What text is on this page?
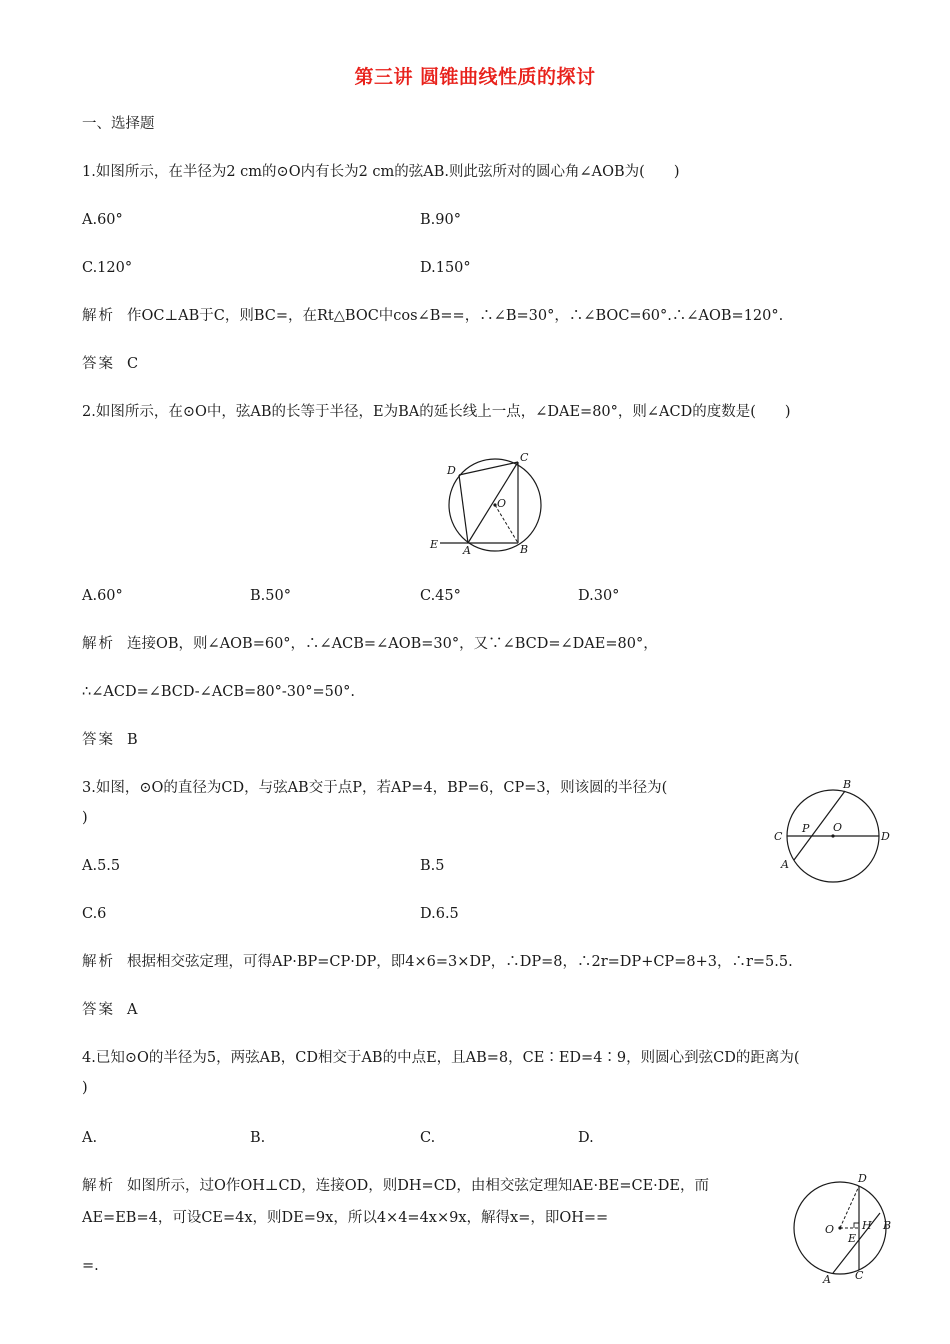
第三讲 圆锥曲线性质的探讨
一、选择题
1.如图所示，在半径为2 cm的⊙O内有长为2 cm的弦AB.则此弦所对的圆心角∠AOB为(　　)
A.60°	B.90°
C.120°	D.150°
解析 作OC⊥AB于C，则BC=，在Rt△BOC中cos∠B==，∴∠B=30°，∴∠BOC=60°.∴∠AOB=120°.
答案 C
2.如图所示，在⊙O中，弦AB的长等于半径，E为BA的延长线上一点，∠DAE=80°，则∠ACD的度数是(　　)
D
C
O
E A	B
A.60°	B.50°	C.45°	D.30°
解析 连接OB，则∠AOB=60°，∴∠ACB=∠AOB=30°，又∵∠BCD=∠DAE=80°，
∴∠ACD=∠BCD-∠ACB=80°-30°=50°.
答案 B
3.如图，⊙O的直径为CD，与弦AB交于点P，若AP=4，BP=6，CP=3，则该圆的半径为(
)
B
C
P O
D
A
A.5.5	B.5
C.6	D.6.5
解析 根据相交弦定理，可得AP·BP=CP·DP，即4×6=3×DP，∴DP=8，∴2r=DP+CP=8+3，∴r=5.5.
答案 A
4.已知⊙O的半径为5，两弦AB，CD相交于AB的中点E，且AB=8，CE∶ED=4∶9，则圆心到弦CD的距离为(
)
A.	B.	C.	D.
解析 如图所示，过O作OH⊥CD，连接OD，则DH=CD，由相交弦定理知AE·BE=CE·DE，而
AE=EB=4，可设CE=4x，则DE=9x，所以4×4=4x×9x，解得x=，即OH==
=.
D
O	H B
E
A C
